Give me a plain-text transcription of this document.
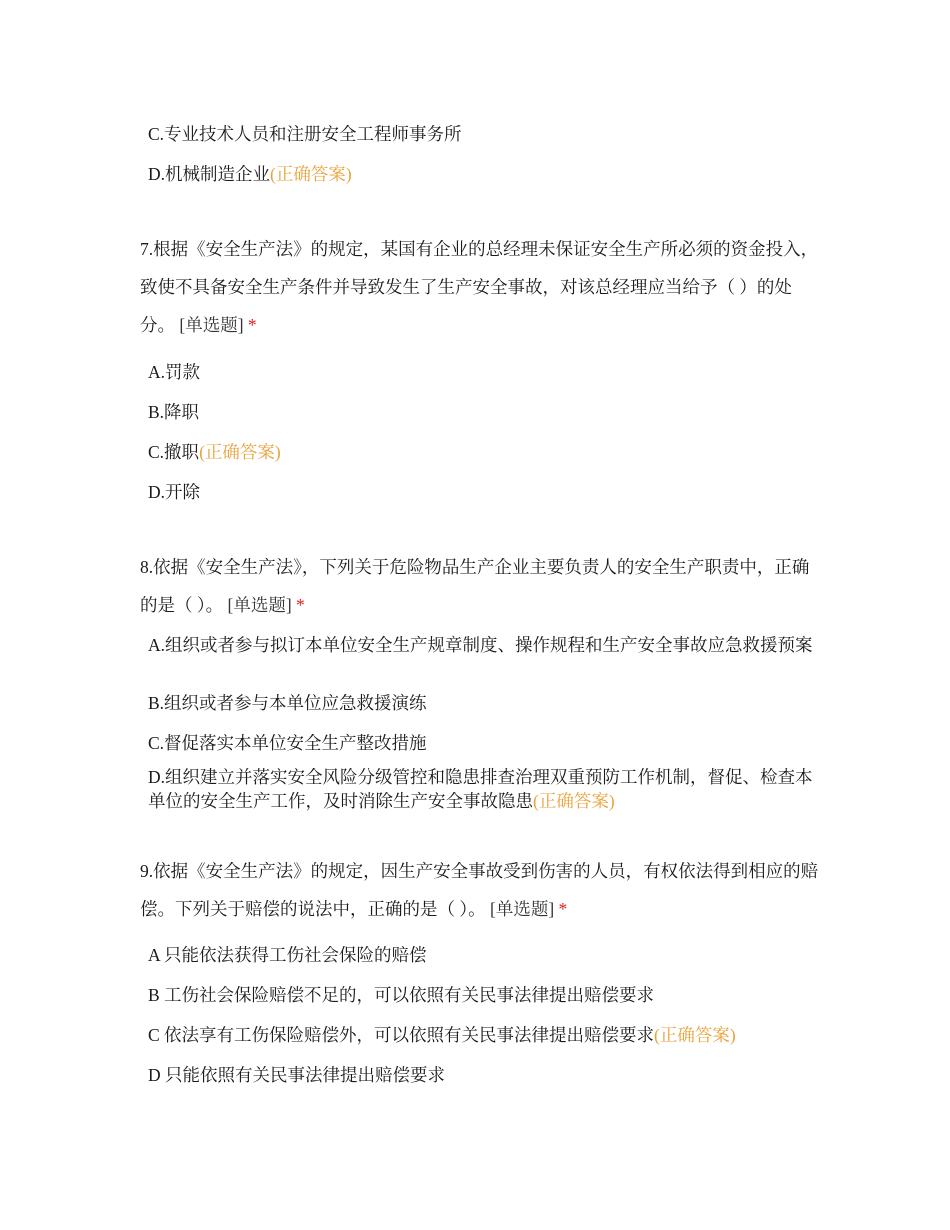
C.专业技术人员和注册安全工程师事务所

D.机械制造企业(正确答案)

7.根据《安全生产法》的规定，某国有企业的总经理未保证安全生产所必须的资金投入，致使不具备安全生产条件并导致发生了生产安全事故，对该总经理应当给予（ ）的处分。 [单选题] *

A.罚款

B.降职

C.撤职(正确答案)

D.开除

8.依据《安全生产法》，下列关于危险物品生产企业主要负责人的安全生产职责中，正确的是（ ）。 [单选题] *

A.组织或者参与拟订本单位安全生产规章制度、操作规程和生产安全事故应急救援预案

B.组织或者参与本单位应急救援演练

C.督促落实本单位安全生产整改措施

D.组织建立并落实安全风险分级管控和隐患排查治理双重预防工作机制，督促、检查本单位的安全生产工作，及时消除生产安全事故隐患(正确答案)

9.依据《安全生产法》的规定，因生产安全事故受到伤害的人员，有权依法得到相应的赔偿。下列关于赔偿的说法中，正确的是（ ）。 [单选题] *

A 只能依法获得工伤社会保险的赔偿

B 工伤社会保险赔偿不足的，可以依照有关民事法律提出赔偿要求

C 依法享有工伤保险赔偿外，可以依照有关民事法律提出赔偿要求(正确答案)

D 只能依照有关民事法律提出赔偿要求
